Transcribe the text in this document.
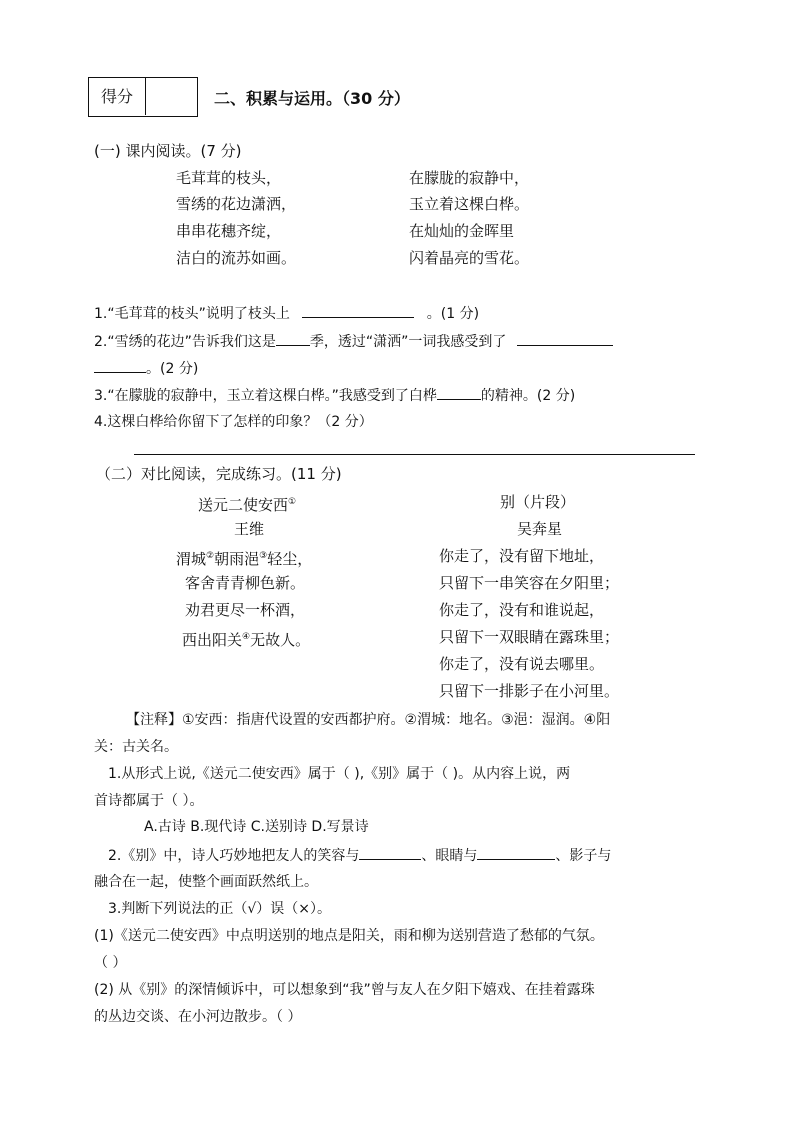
得分	二、积累与运用。（30 分）
(一) 课内阅读。(7 分)
毛茸茸的枝头，
雪绣的花边潇洒，
串串花穗齐绽，
洁白的流苏如画。
在朦胧的寂静中，
玉立着这棵白桦。
在灿灿的金晖里
闪着晶亮的雪花。
1.“毛茸茸的枝头”说明了枝头上	。(1 分)
2.“雪绣的花边”告诉我们这是 季，透过“潇洒”一词我感受到了
。(2 分)
3.“在朦胧的寂静中，玉立着这棵白桦。”我感受到了白桦	的精神。(2 分)
4.这棵白桦给你留下了怎样的印象？（2 分）
（二）对比阅读，完成练习。(11 分)
送元二使安西①
王维
渭城②朝雨浥③轻尘，
客舍青青柳色新。
劝君更尽一杯酒，
西出阳关④无故人。
别（片段）
吴奔星
你走了，没有留下地址，
只留下一串笑容在夕阳里；
你走了，没有和谁说起，
只留下一双眼睛在露珠里；
你走了，没有说去哪里。
只留下一排影子在小河里。
【注释】①安西：指唐代设置的安西都护府。②渭城：地名。③浥：湿润。④阳
关：古关名。
1.从形式上说,《送元二使安西》属于（ ),《别》属于（ )。从内容上说，两
首诗都属于（ ）。
A.古诗 B.现代诗 C.送别诗 D.写景诗
2.《别》中，诗人巧妙地把友人的笑容与	、眼睛与	、影子与
融合在一起，使整个画面跃然纸上。
3.判断下列说法的正（√）误（×）。
(1)《送元二使安西》中点明送别的地点是阳关，雨和柳为送别营造了愁郁的气氛。
（ ）
(2) 从《别》的深情倾诉中，可以想象到“我”曾与友人在夕阳下嬉戏、在挂着露珠
的丛边交谈、在小河边散步。（ ）
